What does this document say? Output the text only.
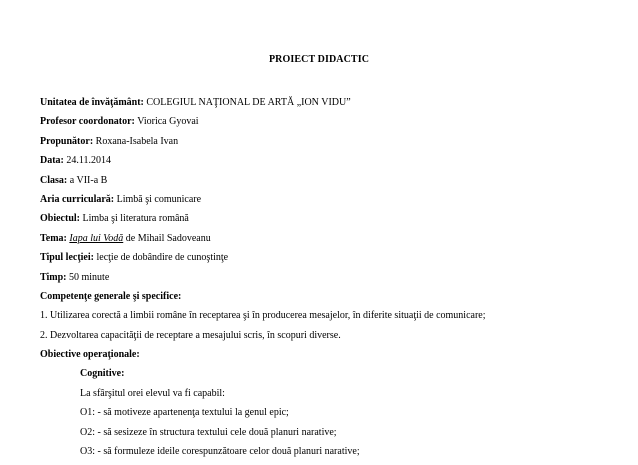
PROIECT DIDACTIC
Unitatea de învăţământ: COLEGIUL NAŢIONAL DE ARTĂ „ION VIDU”
Profesor coordonator: Viorica Gyovai
Propunător: Roxana-Isabela Ivan
Data: 24.11.2014
Clasa: a VII-a B
Aria curriculară: Limbă şi comunicare
Obiectul: Limba şi literatura română
Tema: Iapa lui Vodă de Mihail Sadoveanu
Tipul lecţiei: lecţie de dobândire de cunoştinţe
Timp: 50 minute
Competenţe generale şi specifice:
1. Utilizarea corectă a limbii române în receptarea şi în producerea mesajelor, în diferite situaţii de comunicare;
2. Dezvoltarea capacităţii de receptare a mesajului scris, în scopuri diverse.
Obiective operaţionale:
Cognitive:
La sfârşitul orei elevul va fi capabil:
O1: - să motiveze apartenenţa textului la genul epic;
O2: - să sesizeze în structura textului cele două planuri narative;
O3: - să formuleze ideile corespunzătoare celor două planuri narative;
